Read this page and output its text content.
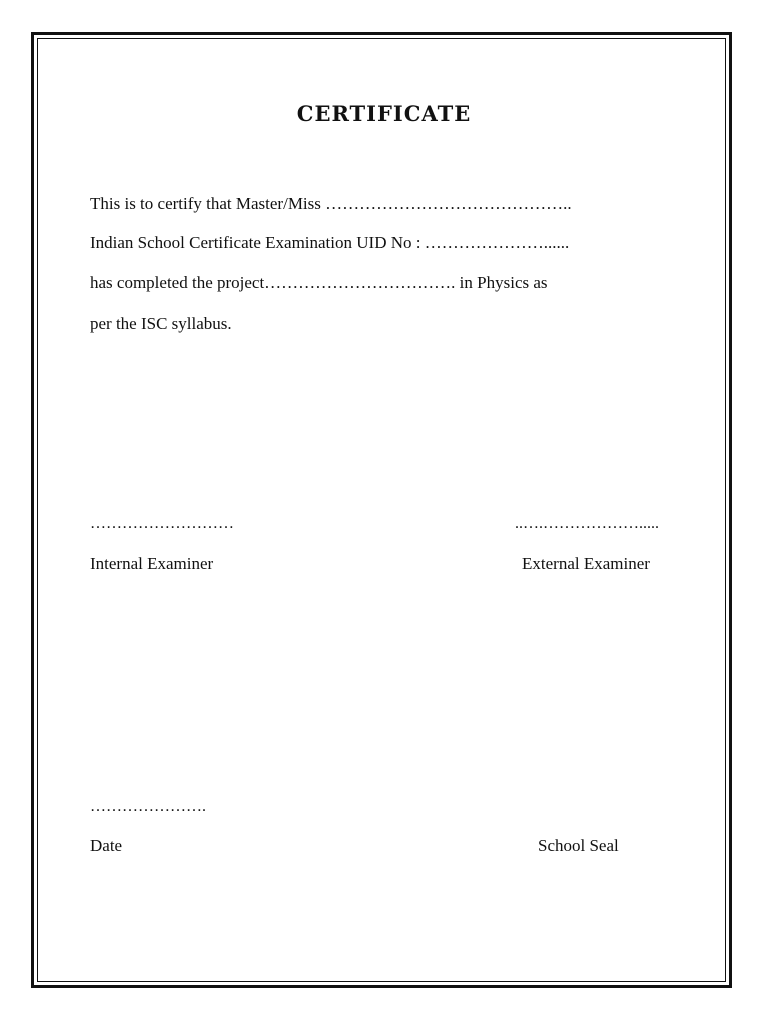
CERTIFICATE
This is to certify that Master/Miss ……………………………………..
Indian School Certificate Examination UID No : …………………......
has completed the project……………………………. in Physics as
per the ISC syllabus.
………………………	..….……………….....
Internal Examiner	External Examiner
………………….
Date	School Seal
